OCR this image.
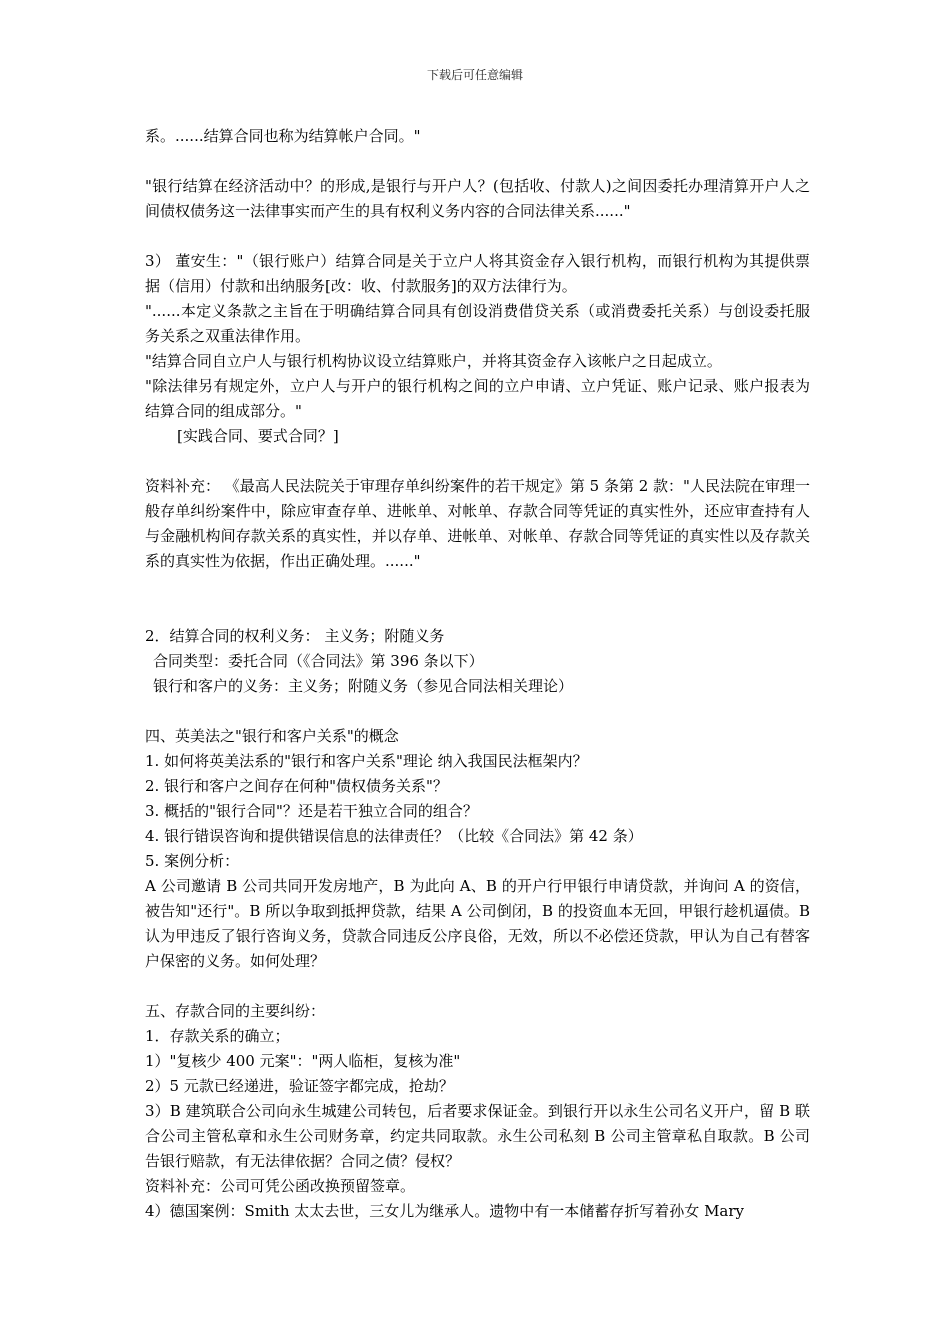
下载后可任意编辑

系。......结算合同也称为结算帐户合同。"

"银行结算在经济活动中？的形成,是银行与开户人？(包括收、付款人)之间因委托办理清算开户人之间债权债务这一法律事实而产生的具有权利义务内容的合同法律关系......"

3） 董安生："（银行账户）结算合同是关于立户人将其资金存入银行机构，而银行机构为其提供票据（信用）付款和出纳服务[改：收、付款服务]的双方法律行为。

"......本定义条款之主旨在于明确结算合同具有创设消费借贷关系（或消费委托关系）与创设委托服务关系之双重法律作用。

"结算合同自立户人与银行机构协议设立结算账户，并将其资金存入该帐户之日起成立。

"除法律另有规定外，立户人与开户的银行机构之间的立户申请、立户凭证、账户记录、账户报表为结算合同的组成部分。"

[实践合同、要式合同？]

资料补充： 《最高人民法院关于审理存单纠纷案件的若干规定》第 5 条第 2 款："人民法院在审理一般存单纠纷案件中，除应审查存单、进帐单、对帐单、存款合同等凭证的真实性外，还应审查持有人与金融机构间存款关系的真实性，并以存单、进帐单、对帐单、存款合同等凭证的真实性以及存款关系的真实性为依据，作出正确处理。......"

2．结算合同的权利义务： 主义务；附随义务

合同类型：委托合同（《合同法》第 396 条以下）

银行和客户的义务：主义务；附随义务（参见合同法相关理论）

四、英美法之"银行和客户关系"的概念

1. 如何将英美法系的"银行和客户关系"理论 纳入我国民法框架内？

2. 银行和客户之间存在何种"债权债务关系"？

3. 概括的"银行合同"？还是若干独立合同的组合？

4. 银行错误咨询和提供错误信息的法律责任？（比较《合同法》第 42 条）

5. 案例分析：

A 公司邀请 B 公司共同开发房地产，B 为此向 A、B 的开户行甲银行申请贷款，并询问 A 的资信，被告知"还行"。B 所以争取到抵押贷款，结果 A 公司倒闭，B 的投资血本无回，甲银行趁机逼债。B 认为甲违反了银行咨询义务，贷款合同违反公序良俗，无效，所以不必偿还贷款，甲认为自己有替客户保密的义务。如何处理？

五、存款合同的主要纠纷：

1．存款关系的确立；

1）"复核少 400 元案"："两人临柜，复核为准"

2）5 元款已经递进，验证签字都完成，抢劫？

3）B 建筑联合公司向永生城建公司转包，后者要求保证金。到银行开以永生公司名义开户，留 B 联合公司主管私章和永生公司财务章，约定共同取款。永生公司私刻 B 公司主管章私自取款。B 公司告银行赔款，有无法律依据？合同之债？侵权？

资料补充：公司可凭公函改换预留签章。

4）德国案例：Smith 太太去世，三女儿为继承人。遗物中有一本储蓄存折写着孙女 Mary
